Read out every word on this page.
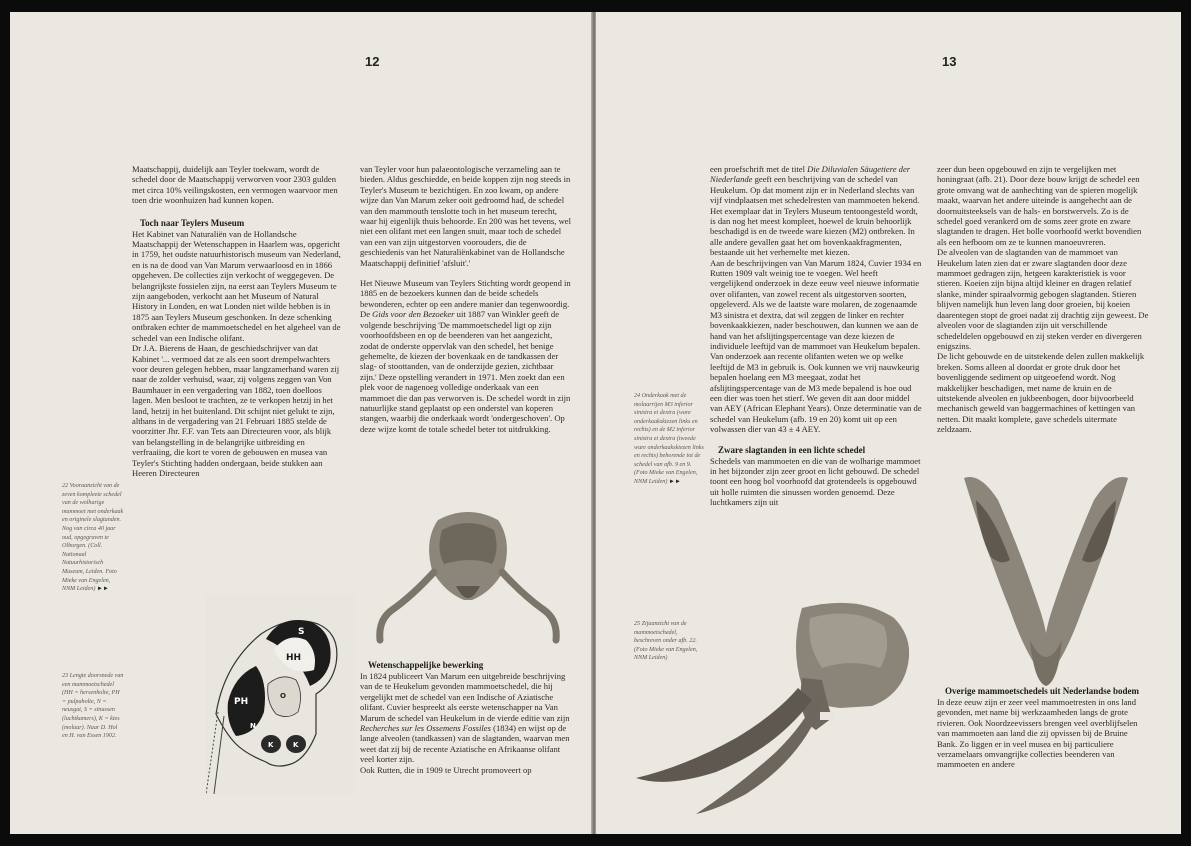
12

Maatschappij, duidelijk aan Teyler toekwam, wordt de schedel door de Maatschappij verworven voor 2303 gulden met circa 10% veilingskosten, een vermogen waarvoor men toen drie woonhuizen had kunnen kopen.

Toch naar Teylers Museum

Het Kabinet van Naturaliën van de Hollandsche Maatschappij der Wetenschappen in Haarlem was, opgericht in 1759, het oudste natuurhistorisch museum van Nederland, en is na de dood van Van Marum verwaarloosd en in 1866 opgeheven. De collecties zijn verkocht of weggegeven. De belangrijkste fossielen zijn, na eerst aan Teylers Museum te zijn aangeboden, verkocht aan het Museum of Natural History in Londen, en wat Londen niet wilde hebben is in 1875 aan Teylers Museum geschonken. In deze schenking ontbraken echter de mammoetschedel en het algeheel van de schedel van een Indische olifant.

Dr J.A. Bierens de Haan, de geschiedschrijver van dat Kabinet '... vermoed dat ze als een soort drempelwachters voor deuren gelegen hebben, maar langzamerhand waren zij naar de zolder verhuisd, waar, zij volgens zeggen van Von Baumhauer in een vergadering van 1882, toen doelloos lagen. Men besloot te trachten, ze te verkopen hetzij in het land, hetzij in het buitenland. Dit schijnt niet gelukt te zijn, althans in de vergadering van 21 Februari 1885 stelde de voorzitter Jhr. F.F. van Tets aan Directeuren voor, als blijk van belangstelling in de belangrijke uitbreiding en verfraaiing, die kort te voren de gebouwen en musea van Teyler's Stichting hadden ondergaan, beide stukken aan Heeren Directeuren

van Teyler voor hun palaeontologische verzameling aan te bieden. Aldus geschiedde, en beide koppen zijn nog steeds in Teyler's Museum te bezichtigen. En zoo kwam, op andere wijze dan Van Marum zeker ooit gedroomd had, de schedel van den mammouth tenslotte toch in het museum terecht, waar hij eigenlijk thuis behoorde. En 200 was het tevens, wel niet een olifant met een langen snuit, maar toch de schedel van een van zijn uitgestorven voorouders, die de geschiedenis van het Naturaliënkabinet van de Hollandsche Maatschappij definitief 'afsluit'.'

Het Nieuwe Museum van Teylers Stichting wordt geopend in 1885 en de bezoekers kunnen dan de beide schedels bewonderen, echter op een andere manier dan tegenwoordig. De Gids voor den Bezoeker uit 1887 van Winkler geeft de volgende beschrijving 'De mammoetschedel ligt op zijn voorhoofdsbeen en op de beenderen van het aangezicht, zodat de onderste oppervlak van den schedel, het benige gehemelte, de kiezen der bovenkaak en de tandkassen der slag- of stoottanden, van de onderzijde gezien, zichtbaar zijn.' Deze opstelling verandert in 1971. Men zoekt dan een plek voor de nagenoeg volledige onderkaak van een mammoet die dan pas verworven is. De schedel wordt in zijn natuurlijke stand geplaatst op een onderstel van koperen stangen, waarbij die onderkaak wordt 'ondergeschoven'. Op deze wijze komt de totale schedel beter tot uitdrukking.

Wetenschappelijke bewerking

In 1824 publiceert Van Marum een uitgebreide beschrijving van de te Heukelum gevonden mammoetschedel, die hij vergelijkt met de schedel van een Indische of Aziatische olifant. Cuvier bespreekt als eerste wetenschapper na Van Marum de schedel van Heukelum in de vierde editie van zijn Recherches sur les Ossemens Fossiles (1834) en wijst op de lange alveolen (tandkassen) van de slagtanden, waarvan men weet dat zij bij de recente Aziatische en Afrikaanse olifant veel korter zijn.

Ook Rutten, die in 1909 te Utrecht promoveert op

22 Vooraanzicht van de zeven kompleete schedel van de wolharige mammoet met onderkaak en originele slagtanden. Nog van circa 40 jaar oud, opgegraven te Olburgen. (Coll. Nationaal Natuurhistorisch Museum, Leiden. Foto Mieke van Engelen, NNM Leiden) ►►
23 Lengte doorsnede van een mammoetschedel (HH = hersenholte, PH = pulpaholte, N = neusgat, S = sinussen (luchtkamers), K = kies (molaar). Naar D. Hol en H. van Essen 1902.
S
HH
PH
O
N
K	K
13

een proefschrift met de titel Die Diluvialen Säugetiere der Niederlande geeft een beschrijving van de schedel van Heukelum. Op dat moment zijn er in Nederland slechts van vijf vindplaatsen met schedelresten van mammoeten bekend. Het exemplaar dat in Teylers Museum tentoongesteld wordt, is dan nog het meest kompleet, hoewel de kruin behoorlijk beschadigd is en de tweede ware kiezen (M2) ontbreken. In alle andere gevallen gaat het om bovenkaakfragmenten, bestaande uit het verhemelte met kiezen.

Aan de beschrijvingen van Van Marum 1824, Cuvier 1934 en Rutten 1909 valt weinig toe te voegen. Wel heeft vergelijkend onderzoek in deze eeuw veel nieuwe informatie over olifanten, van zowel recent als uitgestorven soorten, opgeleverd. Als we de laatste ware molaren, de zogenaamde M3 sinistra et dextra, dat wil zeggen de linker en rechter bovenkaakkiezen, nader beschouwen, dan kunnen we aan de hand van het afslijtingspercentage van deze kiezen de individuele leeftijd van de mammoet van Heukelum bepalen.

Van onderzoek aan recente olifanten weten we op welke leeftijd de M3 in gebruik is. Ook kunnen we vrij nauwkeurig bepalen hoelang een M3 meegaat, zodat het afslijtingspercentage van de M3 mede bepalend is hoe oud een dier was toen het stierf. We geven dit aan door middel van AEY (African Elephant Years). Onze determinatie van de schedel van Heukelum (afb. 19 en 20) komt uit op een volwassen dier van 43 ± 4 AEY.

Zware slagtanden in een lichte schedel

Schedels van mammoeten en die van de wolharige mammoet in het bijzonder zijn zeer groot en licht gebouwd. De schedel toont een hoog bol voorhoofd dat grotendeels is opgebouwd uit holle ruimten die sinussen worden genoemd. Deze luchtkamers zijn uit

zeer dun been opgebouwd en zijn te vergelijken met honingraat (afb. 21). Door deze bouw krijgt de schedel een grote omvang wat de aanhechting van de spieren mogelijk maakt, waarvan het andere uiteinde is aangehecht aan de doornuitsteeksels van de hals- en borstwervels. Zo is de schedel goed verankerd om de soms zeer grote en zware slagtanden te dragen. Het bolle voorhoofd werkt bovendien als een hefboom om ze te kunnen manoeuvreren.

De alveolen van de slagtanden van de mammoet van Heukelum laten zien dat er zware slagtanden door deze mammoet gedragen zijn, hetgeen karakteristiek is voor stieren. Koeien zijn bijna altijd kleiner en dragen relatief slanke, minder spiraalvormig gebogen slagtanden. Stieren blijven namelijk hun leven lang door groeien, bij koeien daarentegen stopt de groei nadat zij drachtig zijn geweest. De alveolen voor de slagtanden zijn uit verschillende schedeldelen opgebouwd en zij steken verder en divergeren enigszins.

De licht gebouwde en de uitstekende delen zullen makkelijk breken. Soms alleen al doordat er grote druk door het bovenliggende sediment op uitgeoefend wordt. Nog makkelijker beschadigen, met name de kruin en de uitstekende alveolen en jukbeenbogen, door bijvoorbeeld mechanisch geweld van baggermachines of kettingen van netten. Dit maakt komplete, gave schedels uitermate zeldzaam.

Overige mammoetschedels uit Nederlandse bodem

In deze eeuw zijn er zeer veel mammoetresten in ons land gevonden, met name bij werkzaamheden langs de grote rivieren. Ook Noordzeevissers brengen veel overblijfselen van mammoeten aan land die zij opvissen bij de Bruine Bank. Zo liggen er in veel musea en bij particuliere verzamelaars omvangrijke collecties beenderen van mammoeten en andere

24 Onderkaak met de molaarrijen M3 inferior sinistra et dextra (ware onderkaakskiezen links en rechts) en de M2 inferior sinistra et dextra (tweede ware onderkaakskiezen links en rechts) behorende tot de schedel van afb. 9 en 9. (Foto Mieke van Engelen, NNM Leiden) ►►
25 Zijaanzicht van de mammoetschedel, beschreven onder afb. 22. (Foto Mieke van Engelen, NNM Leiden)
